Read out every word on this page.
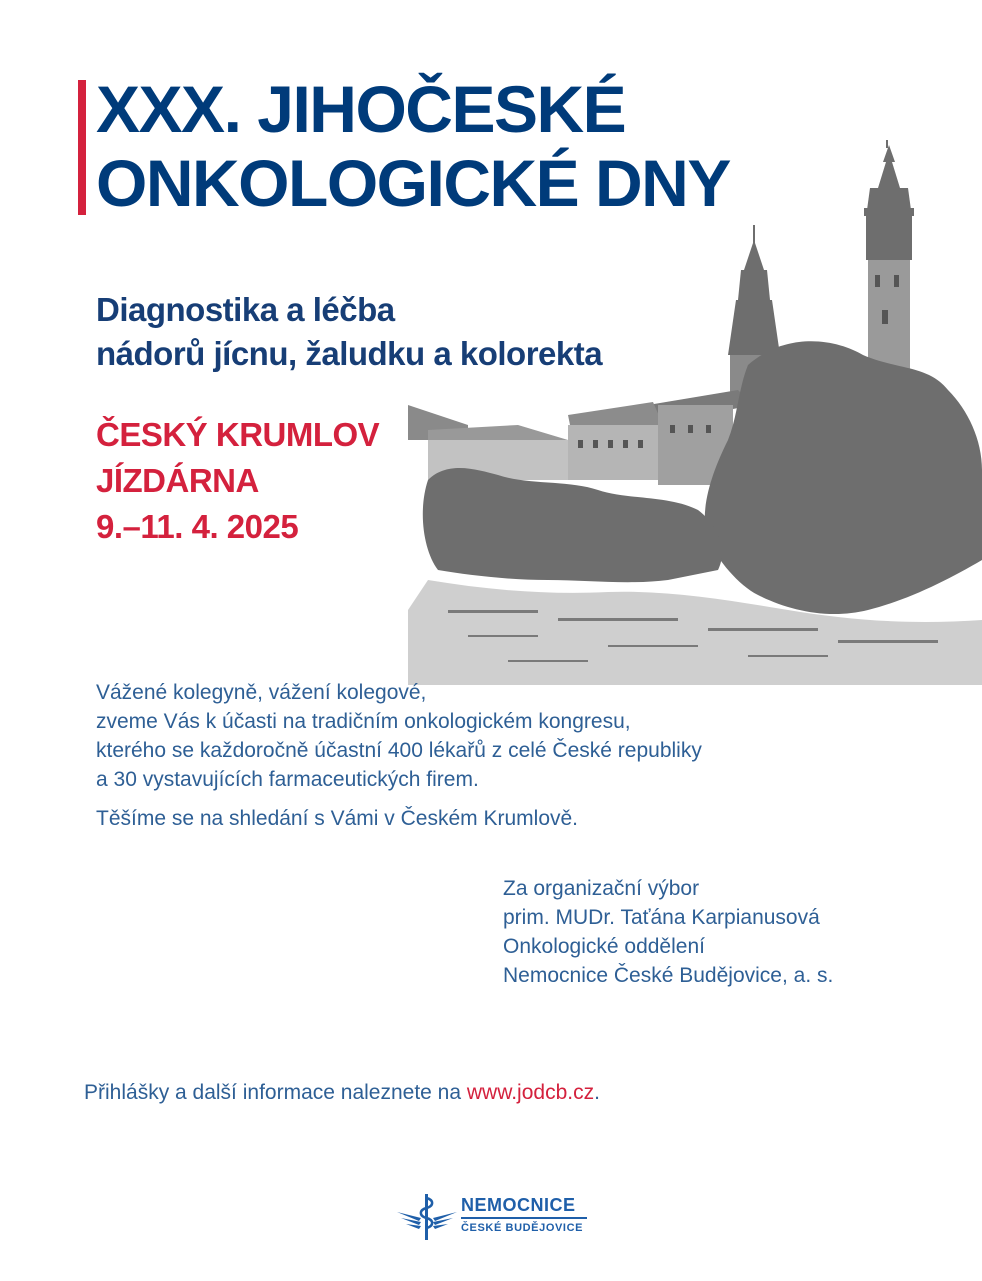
XXX. JIHOČESKÉ
ONKOLOGICKÉ DNY
Diagnostika a léčba
nádorů jícnu, žaludku a kolorekta
ČESKÝ KRUMLOV
JÍZDÁRNA
9.–11. 4. 2025
Vážené kolegyně, vážení kolegové,
zveme Vás k účasti na tradičním onkologickém kongresu,
kterého se každoročně účastní 400 lékařů z celé České republiky
a 30 vystavujících farmaceutických firem.
Těšíme se na shledání s Vámi v Českém Krumlově.
Za organizační výbor
prim. MUDr. Taťána Karpianusová
Onkologické oddělení
Nemocnice České Budějovice, a. s.
Přihlášky a další informace naleznete na www.jodcb.cz.
NEMOCNICE
ČESKÉ BUDĚJOVICE
